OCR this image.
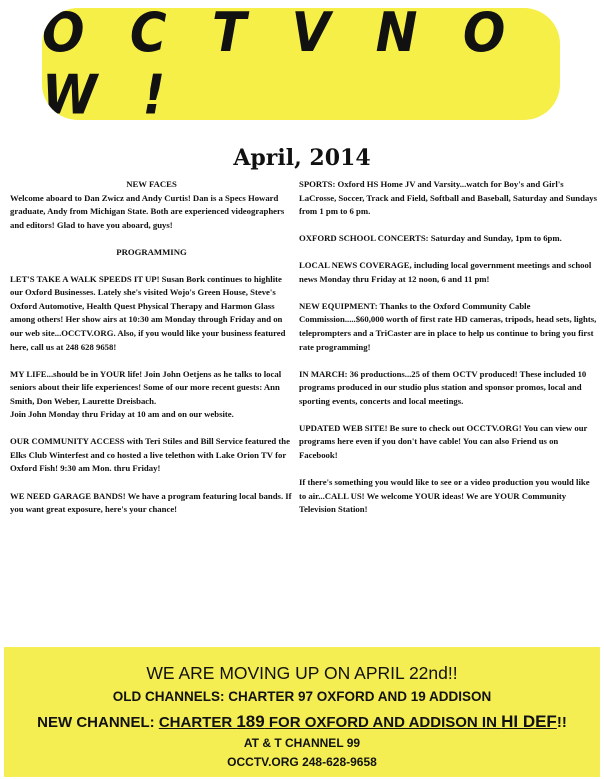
O C T V N O W !
April, 2014

NEW FACES

Welcome aboard to Dan Zwicz and Andy Curtis! Dan is a Specs Howard graduate, Andy from Michigan State. Both are experienced videographers and editors! Glad to have you aboard, guys!

PROGRAMMING

LET'S TAKE A WALK SPEEDS IT UP! Susan Bork continues to highlite our Oxford Businesses. Lately she's visited Wojo's Green House, Steve's Oxford Automotive, Health Quest Physical Therapy and Harmon Glass among others! Her show airs at 10:30 am Monday through Friday and on our web site...OCCTV.ORG. Also, if you would like your business featured here, call us at 248 628 9658!

MY LIFE...should be in YOUR life! Join John Oetjens as he talks to local seniors about their life experiences! Some of our more recent guests: Ann Smith, Don Weber, Laurette Dreisbach.

Join John Monday thru Friday at 10 am and on our website.

OUR COMMUNITY ACCESS with Teri Stiles and Bill Service featured the Elks Club Winterfest and co hosted a live telethon with Lake Orion TV for Oxford Fish! 9:30 am Mon. thru Friday!

WE NEED GARAGE BANDS! We have a program featuring local bands. If you want great exposure, here's your chance!

SPORTS: Oxford HS Home JV and Varsity...watch for Boy's and Girl's LaCrosse, Soccer, Track and Field, Softball and Baseball, Saturday and Sundays from 1 pm to 6 pm.

OXFORD SCHOOL CONCERTS: Saturday and Sunday, 1pm to 6pm.

LOCAL NEWS COVERAGE, including local government meetings and school news Monday thru Friday at 12 noon, 6 and 11 pm!

NEW EQUIPMENT: Thanks to the Oxford Community Cable Commission.....$60,000 worth of first rate HD cameras, tripods, head sets, lights, teleprompters and a TriCaster are in place to help us continue to bring you first rate programming!

IN MARCH: 36 productions...25 of them OCTV produced! These included 10 programs produced in our studio plus station and sponsor promos, local and sporting events, concerts and local meetings.

UPDATED WEB SITE! Be sure to check out OCCTV.ORG! You can view our programs here even if you don't have cable! You can also Friend us on Facebook!

If there's something you would like to see or a video production you would like to air...CALL US! We welcome YOUR ideas! We are YOUR Community Television Station!

WE ARE MOVING UP ON APRIL 22nd!!
OLD CHANNELS: CHARTER 97 OXFORD AND 19 ADDISON
NEW CHANNEL: CHARTER 189 FOR OXFORD AND ADDISON IN HI DEF!!
AT & T CHANNEL 99
OCCTV.ORG 248-628-9658
